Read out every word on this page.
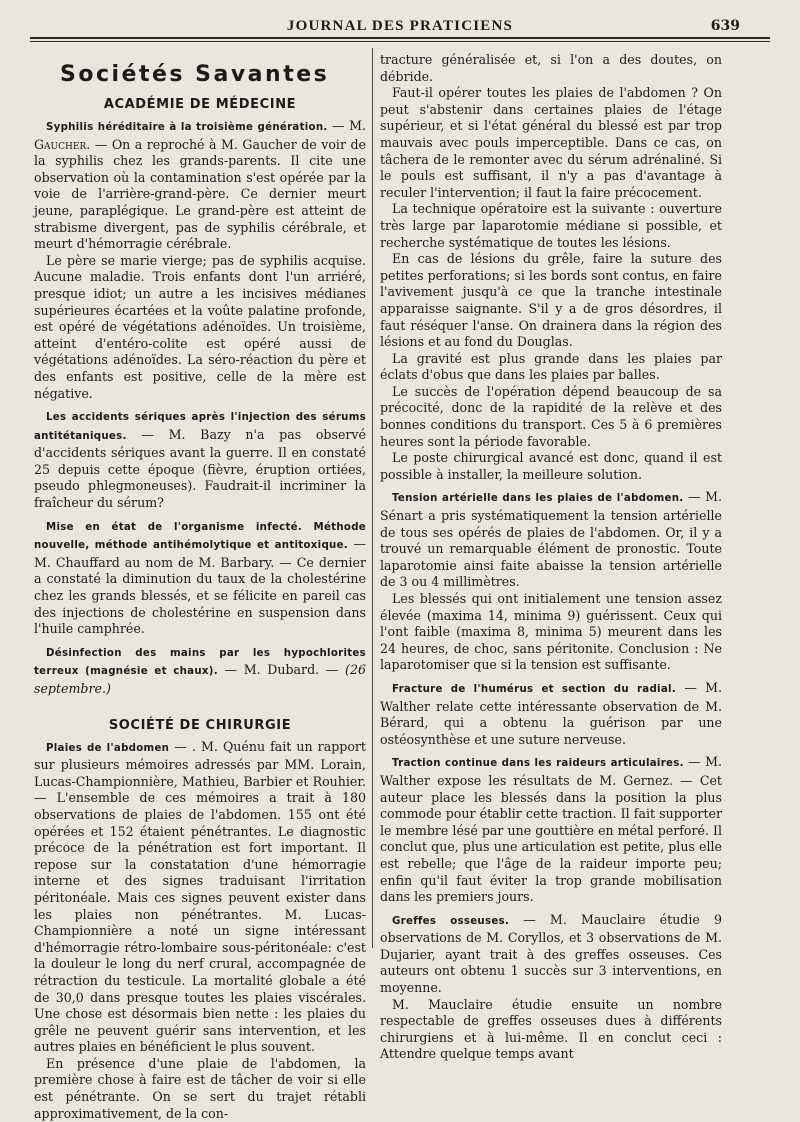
JOURNAL DES PRATICIENS	639
Sociétés Savantes
ACADÉMIE DE MÉDECINE

Syphilis héréditaire à la troisième génération. — M. Gaucher. — On a reproché à M. Gaucher de voir de la syphilis chez les grands-parents. Il cite une observation où la contamination s'est opérée par la voie de l'arrière-grand-père. Ce dernier meurt jeune, paraplégique. Le grand-père est atteint de strabisme divergent, pas de syphilis cérébrale, et meurt d'hémorragie cérébrale.

Le père se marie vierge; pas de syphilis acquise. Aucune maladie. Trois enfants dont l'un arriéré, presque idiot; un autre a les incisives médianes supérieures écartées et la voûte palatine profonde, est opéré de végétations adénoïdes. Un troisième, atteint d'entéro-colite est opéré aussi de végétations adénoïdes. La séro-réaction du père et des enfants est positive, celle de la mère est négative.

Les accidents sériques après l'injection des sérums antitétaniques. — M. Bazy n'a pas observé d'accidents sériques avant la guerre. Il en constaté 25 depuis cette époque (fièvre, éruption ortiées, pseudo phlegmoneuses). Faudrait-il incriminer la fraîcheur du sérum?

Mise en état de l'organisme infecté. Méthode nouvelle, méthode antihémolytique et antitoxique. — M. Chauffard au nom de M. Barbary. — Ce dernier a constaté la diminution du taux de la cholestérine chez les grands blessés, et se félicite en pareil cas des injections de cholestérine en suspension dans l'huile camphrée.

Désinfection des mains par les hypochlorites terreux (magnésie et chaux). — M. Dubard. — (26 septembre.)

SOCIÉTÉ DE CHIRURGIE

Plaies de l'abdomen — . M. Quénu fait un rapport sur plusieurs mémoires adressés par MM. Lorain, Lucas-Championnière, Mathieu, Barbier et Rouhier. — L'ensemble de ces mémoires a trait à 180 observations de plaies de l'abdomen. 155 ont été opérées et 152 étaient pénétrantes. Le diagnostic précoce de la pénétration est fort important. Il repose sur la constatation d'une hémorragie interne et des signes traduisant l'irritation péritonéale. Mais ces signes peuvent exister dans les plaies non pénétrantes. M. Lucas-Championnière a noté un signe intéressant d'hémorragie rétro-lombaire sous-péritonéale: c'est la douleur le long du nerf crural, accompagnée de rétraction du testicule. La mortalité globale a été de 30,0 dans presque toutes les plaies viscérales. Une chose est désormais bien nette : les plaies du grêle ne peuvent guérir sans intervention, et les autres plaies en bénéficient le plus souvent.

En présence d'une plaie de l'abdomen, la première chose à faire est de tâcher de voir si elle est pénétrante. On se sert du trajet rétabli approximativement, de la con-

tracture généralisée et, si l'on a des doutes, on débride.

Faut-il opérer toutes les plaies de l'abdomen ? On peut s'abstenir dans certaines plaies de l'étage supérieur, et si l'état général du blessé est par trop mauvais avec pouls imperceptible. Dans ce cas, on tâchera de le remonter avec du sérum adrénaliné. Si le pouls est suffisant, il n'y a pas d'avantage à reculer l'intervention; il faut la faire précocement.

La technique opératoire est la suivante : ouverture très large par laparotomie médiane si possible, et recherche systématique de toutes les lésions.

En cas de lésions du grêle, faire la suture des petites perforations; si les bords sont contus, en faire l'avivement jusqu'à ce que la tranche intestinale apparaisse saignante. S'il y a de gros désordres, il faut réséquer l'anse. On drainera dans la région des lésions et au fond du Douglas.

La gravité est plus grande dans les plaies par éclats d'obus que dans les plaies par balles.

Le succès de l'opération dépend beaucoup de sa précocité, donc de la rapidité de la relève et des bonnes conditions du transport. Ces 5 à 6 premières heures sont la période favorable.

Le poste chirurgical avancé est donc, quand il est possible à installer, la meilleure solution.

Tension artérielle dans les plaies de l'abdomen. — M. Sénart a pris systématiquement la tension artérielle de tous ses opérés de plaies de l'abdomen. Or, il y a trouvé un remarquable élément de pronostic. Toute laparotomie ainsi faite abaisse la tension artérielle de 3 ou 4 millimètres.

Les blessés qui ont initialement une tension assez élevée (maxima 14, minima 9) guérissent. Ceux qui l'ont faible (maxima 8, minima 5) meurent dans les 24 heures, de choc, sans péritonite. Conclusion : Ne laparotomiser que si la tension est suffisante.

Fracture de l'humérus et section du radial. — M. Walther relate cette intéressante observation de M. Bérard, qui a obtenu la guérison par une ostéosynthèse et une suture nerveuse.

Traction continue dans les raideurs articulaires. — M. Walther expose les résultats de M. Gernez. — Cet auteur place les blessés dans la position la plus commode pour établir cette traction. Il fait supporter le membre lésé par une gouttière en métal perforé. Il conclut que, plus une articulation est petite, plus elle est rebelle; que l'âge de la raideur importe peu; enfin qu'il faut éviter la trop grande mobilisation dans les premiers jours.

Greffes osseuses. — M. Mauclaire étudie 9 observations de M. Coryllos, et 3 observations de M. Dujarier, ayant trait à des greffes osseuses. Ces auteurs ont obtenu 1 succès sur 3 interventions, en moyenne.

M. Mauclaire étudie ensuite un nombre respectable de greffes osseuses dues à différents chirurgiens et à lui-même. Il en conclut ceci : Attendre quelque temps avant
